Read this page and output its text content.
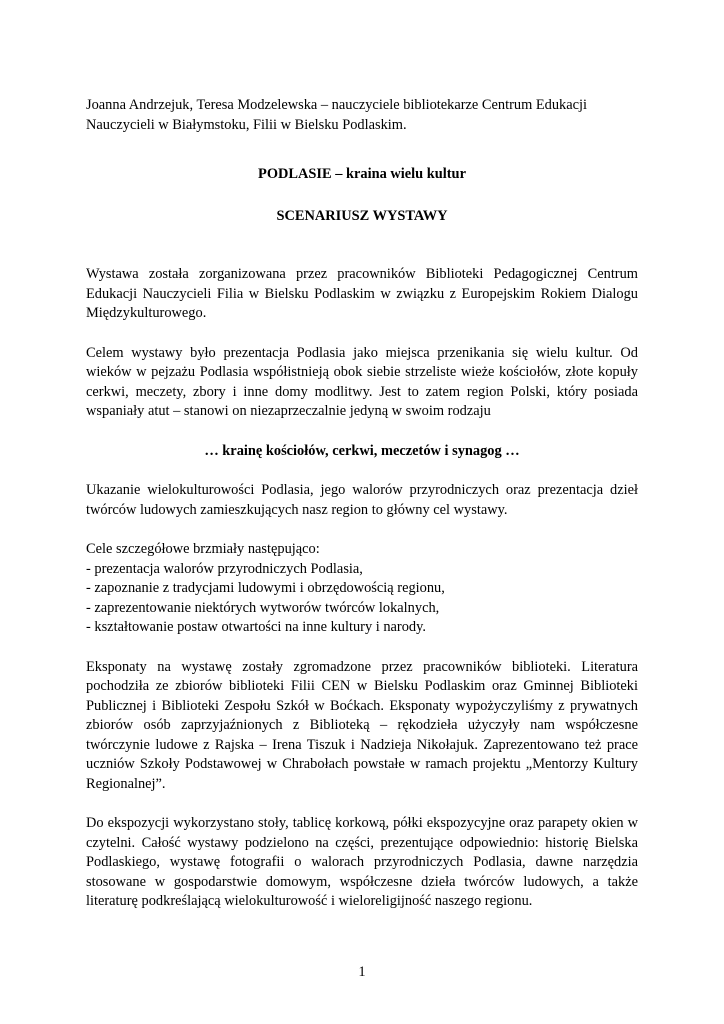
Joanna Andrzejuk, Teresa Modzelewska – nauczyciele bibliotekarze Centrum Edukacji Nauczycieli w Białymstoku, Filii w Bielsku Podlaskim.

PODLASIE – kraina wielu kultur

SCENARIUSZ WYSTAWY

Wystawa została zorganizowana przez pracowników Biblioteki Pedagogicznej Centrum Edukacji Nauczycieli Filia w Bielsku Podlaskim w związku z Europejskim Rokiem Dialogu Międzykulturowego.

Celem wystawy było prezentacja Podlasia jako miejsca przenikania się wielu kultur. Od wieków w pejzażu Podlasia współistnieją obok siebie strzeliste wieże kościołów, złote kopuły cerkwi, meczety, zbory i inne domy modlitwy. Jest to zatem region Polski, który posiada wspaniały atut – stanowi on niezaprzeczalnie jedyną w swoim rodzaju

… krainę kościołów, cerkwi, meczetów i synagog …

Ukazanie wielokulturowości Podlasia, jego walorów przyrodniczych oraz prezentacja dzieł twórców ludowych zamieszkujących nasz region to główny cel wystawy.

Cele szczegółowe brzmiały następująco:

- prezentacja walorów przyrodniczych Podlasia,
- zapoznanie z tradycjami ludowymi i obrzędowością regionu,
- zaprezentowanie niektórych wytworów twórców lokalnych,
- kształtowanie postaw otwartości na inne kultury i narody.

Eksponaty na wystawę zostały zgromadzone przez pracowników biblioteki. Literatura pochodziła ze zbiorów biblioteki Filii CEN w Bielsku Podlaskim oraz Gminnej Biblioteki Publicznej i Biblioteki Zespołu Szkół w Boćkach. Eksponaty wypożyczyliśmy z prywatnych zbiorów osób zaprzyjaźnionych z Biblioteką – rękodzieła użyczyły nam współczesne twórczynie ludowe z Rajska – Irena Tiszuk i Nadzieja Nikołajuk. Zaprezentowano też prace uczniów Szkoły Podstawowej w Chrabołach powstałe w ramach projektu „Mentorzy Kultury Regionalnej”.

Do ekspozycji wykorzystano stoły, tablicę korkową, półki ekspozycyjne oraz parapety okien w czytelni. Całość wystawy podzielono na części, prezentujące odpowiednio: historię Bielska Podlaskiego, wystawę fotografii o walorach przyrodniczych Podlasia, dawne narzędzia stosowane w gospodarstwie domowym, współczesne dzieła twórców ludowych, a także literaturę podkreślającą wielokulturowość i wieloreligijność naszego regionu.

1
